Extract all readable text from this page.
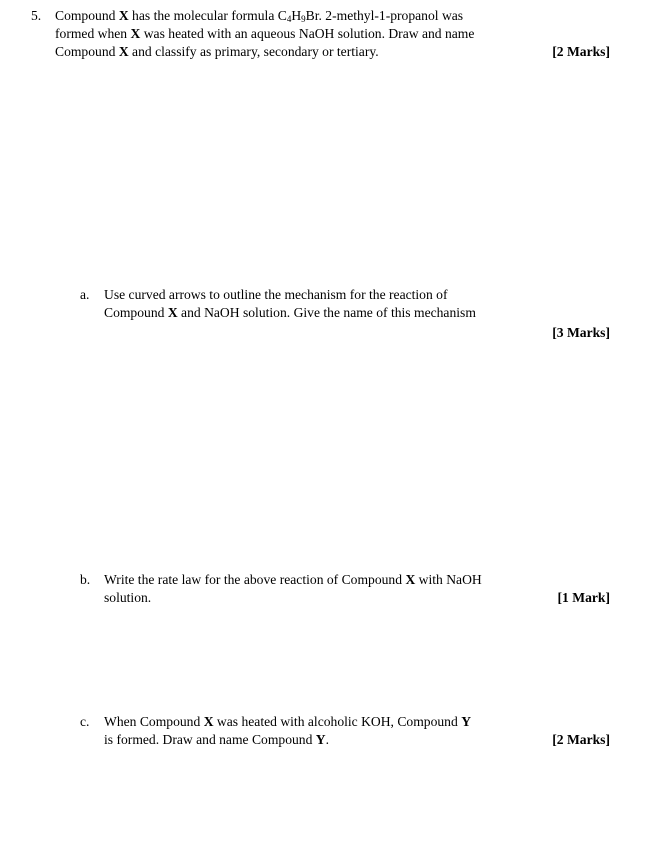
5. Compound X has the molecular formula $C_4H_9Br$. 2-methyl-1-propanol was
formed when X was heated with an aqueous NaOH solution. Draw and name
Compound X and classify as primary, secondary or tertiary.	[2 Marks]
a. Use curved arrows to outline the mechanism for the reaction of
Compound X and NaOH solution. Give the name of this mechanism
[3 Marks]
b. Write the rate law for the above reaction of Compound X with NaOH
solution.	[1 Mark]
c. When Compound X was heated with alcoholic KOH, Compound Y
is formed. Draw and name Compound Y.	[2 Marks]
